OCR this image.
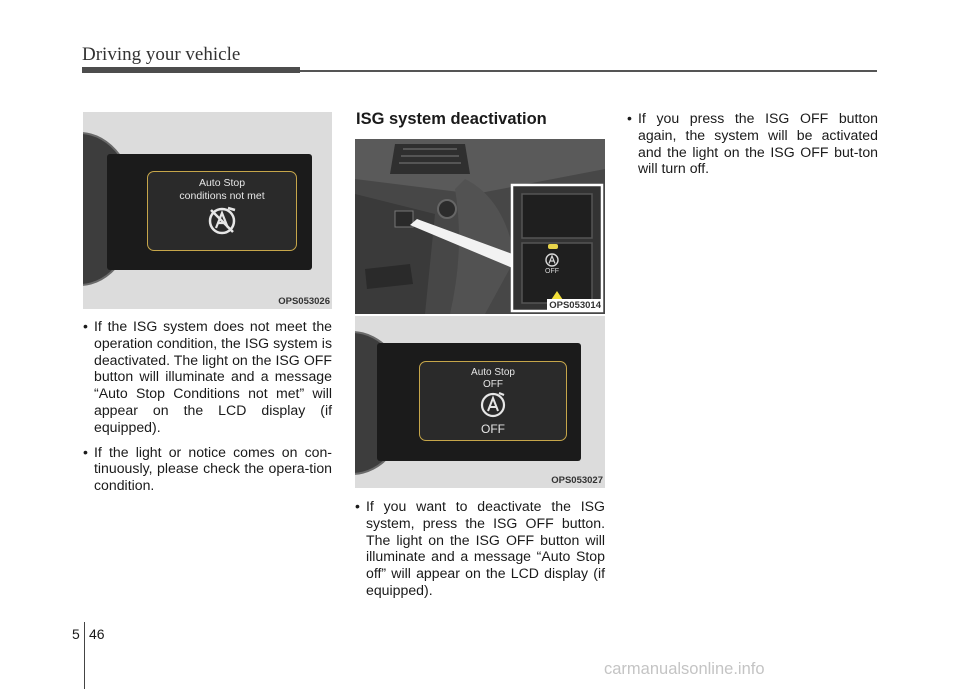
Driving your vehicle
Auto Stop
conditions not met
OPS053026
OFF
OPS053014
Auto Stop
OFF
OFF
OPS053027
• If the ISG system does not meet the operation condition, the ISG system is deactivated. The light on the ISG OFF button will illuminate and a message “Auto Stop Conditions not met” will appear on the LCD display (if equipped).
• If the light or notice comes on con-tinuously, please check the opera-tion condition.
ISG system deactivation
• If you want to deactivate the ISG system, press the ISG OFF button. The light on the ISG OFF button will illuminate and a message “Auto Stop off” will appear on the LCD display (if equipped).
• If you press the ISG OFF button again, the system will be activated and the light on the ISG OFF but-ton will turn off.
5 46
carmanualsonline.info
